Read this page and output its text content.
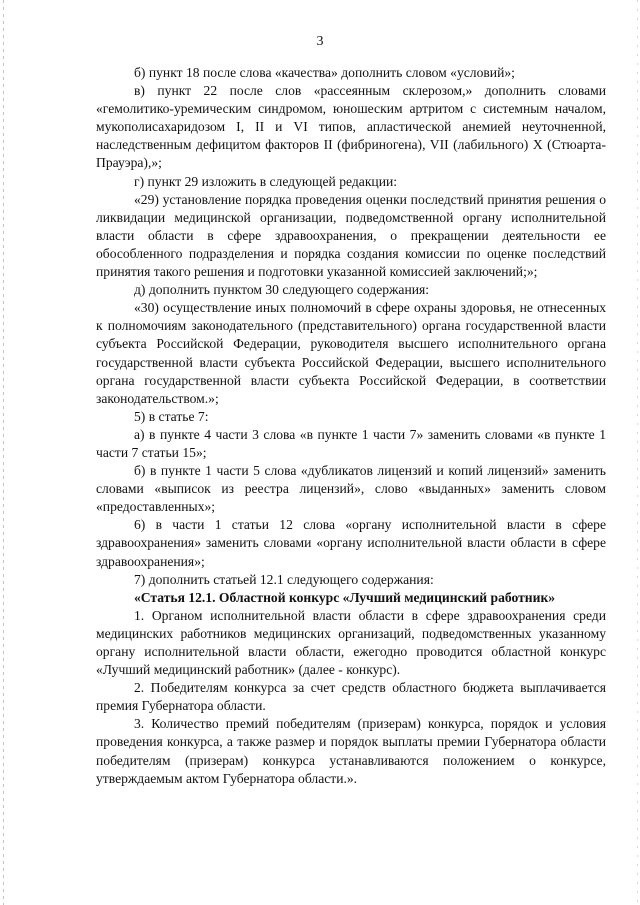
3

б) пункт 18 после слова «качества» дополнить словом «условий»;

в) пункт 22 после слов «рассеянным склерозом,» дополнить словами «гемолитико-уремическим синдромом, юношеским артритом с системным началом, мукополисахаридозом I, II и VI типов, апластической анемией неуточненной, наследственным дефицитом факторов II (фибриногена), VII (лабильного) X (Стюарта-Прауэра),»;

г) пункт 29 изложить в следующей редакции:

«29) установление порядка проведения оценки последствий принятия решения о ликвидации медицинской организации, подведомственной органу исполнительной власти области в сфере здравоохранения, о прекращении деятельности ее обособленного подразделения и порядка создания комиссии по оценке последствий принятия такого решения и подготовки указанной комиссией заключений;»;

д) дополнить пунктом 30 следующего содержания:

«30) осуществление иных полномочий в сфере охраны здоровья, не отнесенных к полномочиям законодательного (представительного) органа государственной власти субъекта Российской Федерации, руководителя высшего исполнительного органа государственной власти субъекта Российской Федерации, высшего исполнительного органа государственной власти субъекта Российской Федерации, в соответствии законодательством.»;

5) в статье 7:

а) в пункте 4 части 3 слова «в пункте 1 части 7» заменить словами «в пункте 1 части 7 статьи 15»;

б) в пункте 1 части 5 слова «дубликатов лицензий и копий лицензий» заменить словами «выписок из реестра лицензий», слово «выданных» заменить словом «предоставленных»;

6) в части 1 статьи 12 слова «органу исполнительной власти в сфере здравоохранения» заменить словами «органу исполнительной власти области в сфере здравоохранения»;

7) дополнить статьей 12.1 следующего содержания:

«Статья 12.1. Областной конкурс «Лучший медицинский работник»

1. Органом исполнительной власти области в сфере здравоохранения среди медицинских работников медицинских организаций, подведомственных указанному органу исполнительной власти области, ежегодно проводится областной конкурс «Лучший медицинский работник» (далее - конкурс).

2. Победителям конкурса за счет средств областного бюджета выплачивается премия Губернатора области.

3. Количество премий победителям (призерам) конкурса, порядок и условия проведения конкурса, а также размер и порядок выплаты премии Губернатора области победителям (призерам) конкурса устанавливаются положением о конкурсе, утверждаемым актом Губернатора области.».
